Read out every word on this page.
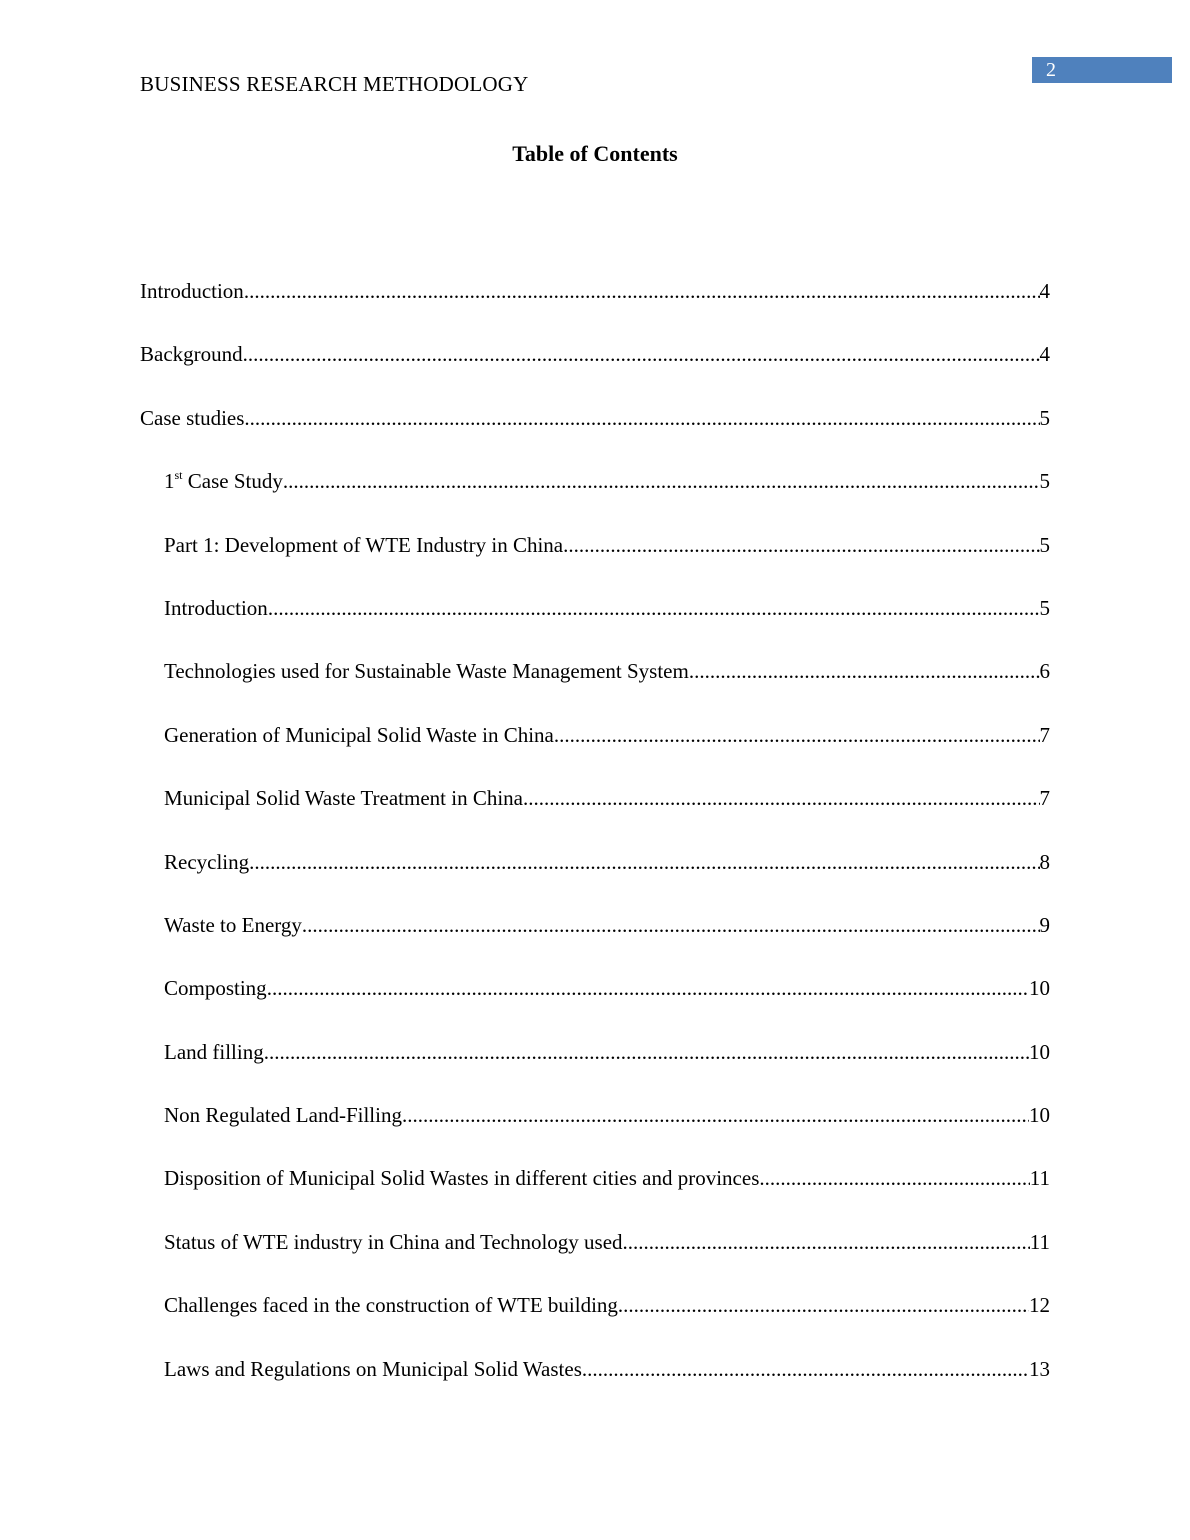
2
BUSINESS RESEARCH METHODOLOGY
Table of Contents
Introduction .....	4
Background .....	4
Case studies .....	5
1st Case Study .....	5
Part 1: Development of WTE Industry in China .....	5
Introduction .....	5
Technologies used for Sustainable Waste Management System .....	6
Generation of Municipal Solid Waste in China .....	7
Municipal Solid Waste Treatment in China .....	7
Recycling .....	8
Waste to Energy .....	9
Composting .....	10
Land filling .....	10
Non Regulated Land-Filling .....	10
Disposition of Municipal Solid Wastes in different cities and provinces .....	11
Status of WTE industry in China and Technology used .....	11
Challenges faced in the construction of WTE building .....	12
Laws and Regulations on Municipal Solid Wastes .....	13
